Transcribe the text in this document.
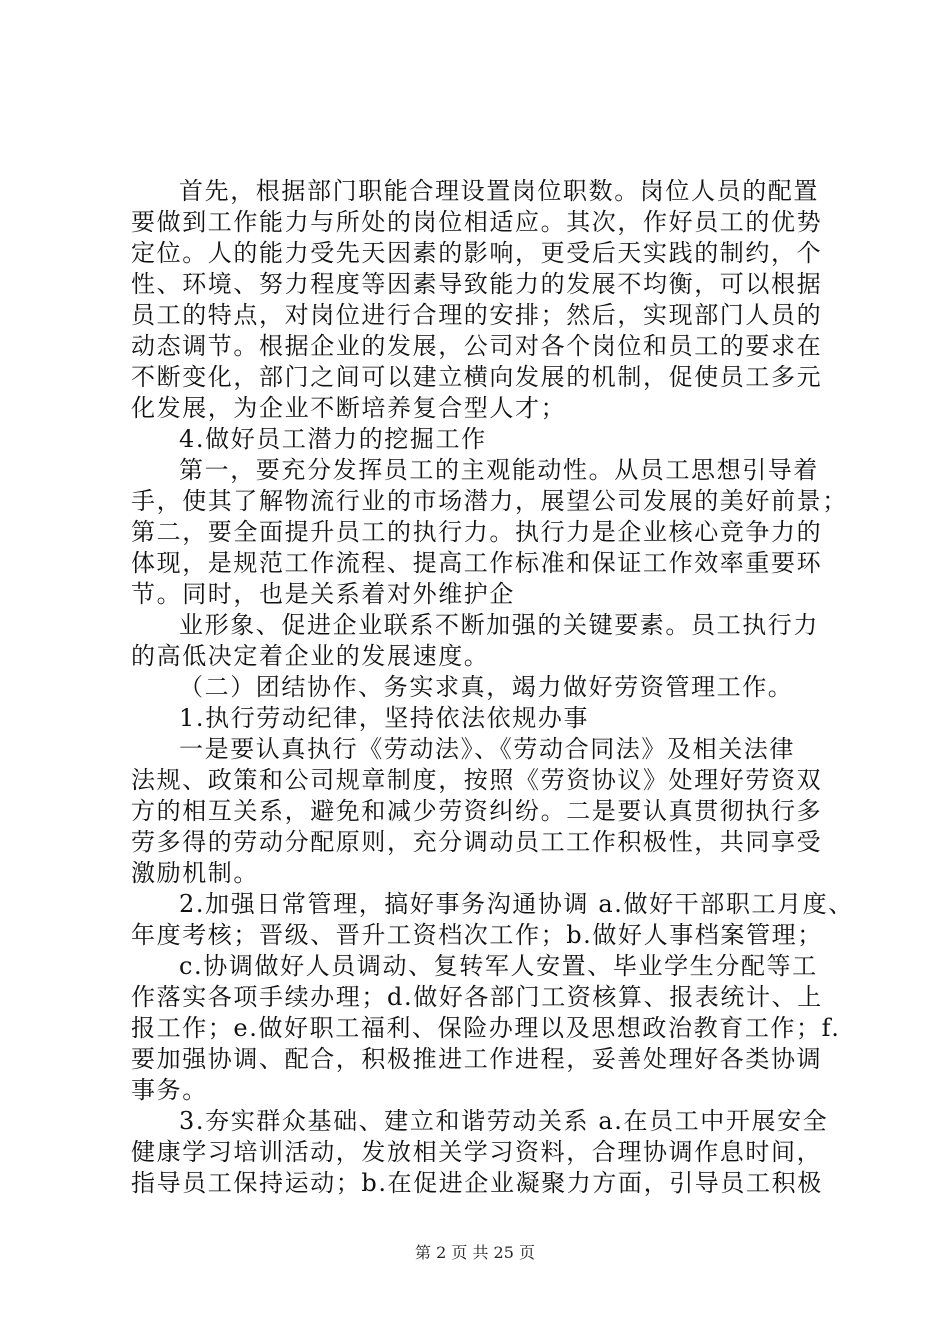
首先，根据部门职能合理设置岗位职数。岗位人员的配置
要做到工作能力与所处的岗位相适应。其次，作好员工的优势
定位。人的能力受先天因素的影响，更受后天实践的制约，个
性、环境、努力程度等因素导致能力的发展不均衡，可以根据
员工的特点，对岗位进行合理的安排；然后，实现部门人员的
动态调节。根据企业的发展，公司对各个岗位和员工的要求在
不断变化，部门之间可以建立横向发展的机制，促使员工多元
化发展，为企业不断培养复合型人才；
4.做好员工潜力的挖掘工作
第一，要充分发挥员工的主观能动性。从员工思想引导着
手，使其了解物流行业的市场潜力，展望公司发展的美好前景；
第二，要全面提升员工的执行力。执行力是企业核心竞争力的
体现，是规范工作流程、提高工作标准和保证工作效率重要环
节。同时，也是关系着对外维护企
业形象、促进企业联系不断加强的关键要素。员工执行力
的高低决定着企业的发展速度。
（二）团结协作、务实求真，竭力做好劳资管理工作。
1.执行劳动纪律，坚持依法依规办事
一是要认真执行《劳动法》、《劳动合同法》及相关法律
法规、政策和公司规章制度，按照《劳资协议》处理好劳资双
方的相互关系，避免和减少劳资纠纷。二是要认真贯彻执行多
劳多得的劳动分配原则，充分调动员工工作积极性，共同享受
激励机制。
2.加强日常管理，搞好事务沟通协调 a.做好干部职工月度、
年度考核；晋级、晋升工资档次工作；b.做好人事档案管理；
c.协调做好人员调动、复转军人安置、毕业学生分配等工
作落实各项手续办理；d.做好各部门工资核算、报表统计、上
报工作；e.做好职工福利、保险办理以及思想政治教育工作；f.
要加强协调、配合，积极推进工作进程，妥善处理好各类协调
事务。
3.夯实群众基础、建立和谐劳动关系 a.在员工中开展安全
健康学习培训活动，发放相关学习资料，合理协调作息时间，
指导员工保持运动；b.在促进企业凝聚力方面，引导员工积极
第 2 页 共 25 页
